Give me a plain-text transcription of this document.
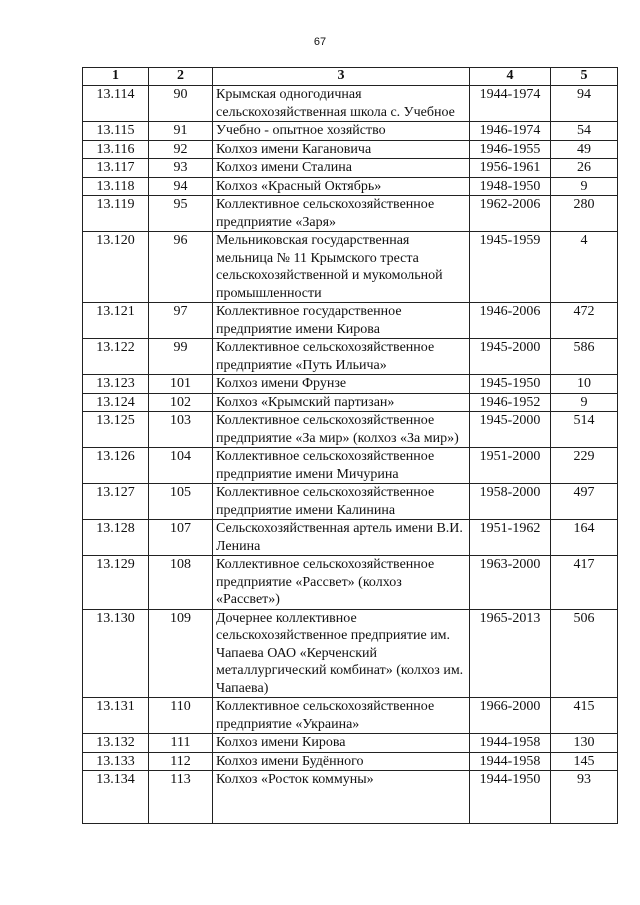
67
1	2	3	4	5
13.114	90	Крымская одногодичная сельскохозяйственная школа с. Учебное	1944-1974	94
13.115	91	Учебно - опытное хозяйство	1946-1974	54
13.116	92	Колхоз имени Кагановича	1946-1955	49
13.117	93	Колхоз имени Сталина	1956-1961	26
13.118	94	Колхоз «Красный Октябрь»	1948-1950	9
13.119	95	Коллективное сельскохозяйственное предприятие «Заря»	1962-2006	280
13.120	96	Мельниковская государственная мельница № 11 Крымского треста сельскохозяйственной и мукомольной промышленности	1945-1959	4
13.121	97	Коллективное государственное предприятие имени Кирова	1946-2006	472
13.122	99	Коллективное сельскохозяйственное предприятие «Путь Ильича»	1945-2000	586
13.123	101	Колхоз имени Фрунзе	1945-1950	10
13.124	102	Колхоз «Крымский партизан»	1946-1952	9
13.125	103	Коллективное сельскохозяйственное предприятие «За мир» (колхоз «За мир»)	1945-2000	514
13.126	104	Коллективное сельскохозяйственное предприятие имени Мичурина	1951-2000	229
13.127	105	Коллективное сельскохозяйственное предприятие имени Калинина	1958-2000	497
13.128	107	Сельскохозяйственная артель имени В.И. Ленина	1951-1962	164
13.129	108	Коллективное сельскохозяйственное предприятие «Рассвет» (колхоз «Рассвет»)	1963-2000	417
13.130	109	Дочернее коллективное сельскохозяйственное предприятие им. Чапаева ОАО «Керченский металлургический комбинат» (колхоз им. Чапаева)	1965-2013	506
13.131	110	Коллективное сельскохозяйственное предприятие «Украина»	1966-2000	415
13.132	111	Колхоз имени Кирова	1944-1958	130
13.133	112	Колхоз имени Будённого	1944-1958	145
13.134	113	Колхоз «Росток коммуны»	1944-1950	93
